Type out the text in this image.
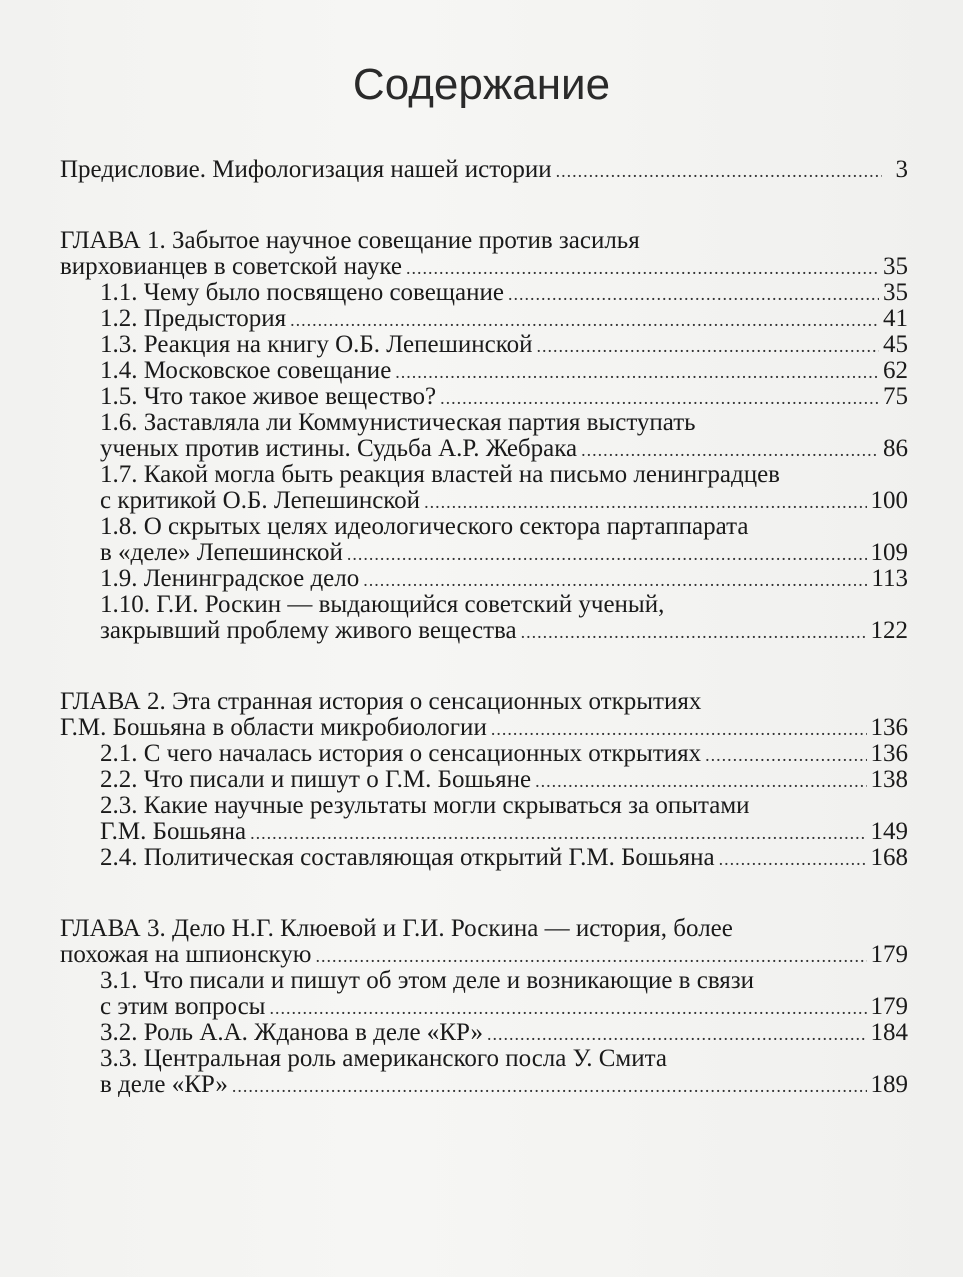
Содержание
Предисловие. Мифологизация нашей истории .....	3
ГЛАВА 1. Забытое научное совещание против засилья
вирховианцев в советской науке .....	35
1.1. Чему было посвящено совещание .....	35
1.2. Предыстория .....	41
1.3. Реакция на книгу О.Б. Лепешинской .....	45
1.4. Московское совещание .....	62
1.5. Что такое живое вещество? .....	75
1.6. Заставляла ли Коммунистическая партия выступать
ученых против истины. Судьба А.Р. Жебрака .....	86
1.7. Какой могла быть реакция властей на письмо ленинградцев
с критикой О.Б. Лепешинской .....	100
1.8. О скрытых целях идеологического сектора партаппарата
в «деле» Лепешинской .....	109
1.9. Ленинградское дело .....	113
1.10. Г.И. Роскин — выдающийся советский ученый,
закрывший проблему живого вещества .....	122
ГЛАВА 2. Эта странная история о сенсационных открытиях
Г.М. Бошьяна в области микробиологии .....	136
2.1. С чего началась история о сенсационных открытиях .....	136
2.2. Что писали и пишут о Г.М. Бошьяне .....	138
2.3. Какие научные результаты могли скрываться за опытами
Г.М. Бошьяна .....	149
2.4. Политическая составляющая открытий Г.М. Бошьяна .....	168
ГЛАВА 3. Дело Н.Г. Клюевой и Г.И. Роскина — история, более
похожая на шпионскую .....	179
3.1. Что писали и пишут об этом деле и возникающие в связи
с этим вопросы .....	179
3.2. Роль А.А. Жданова в деле «КР» .....	184
3.3. Центральная роль американского посла У. Смита
в деле «КР» .....	189
